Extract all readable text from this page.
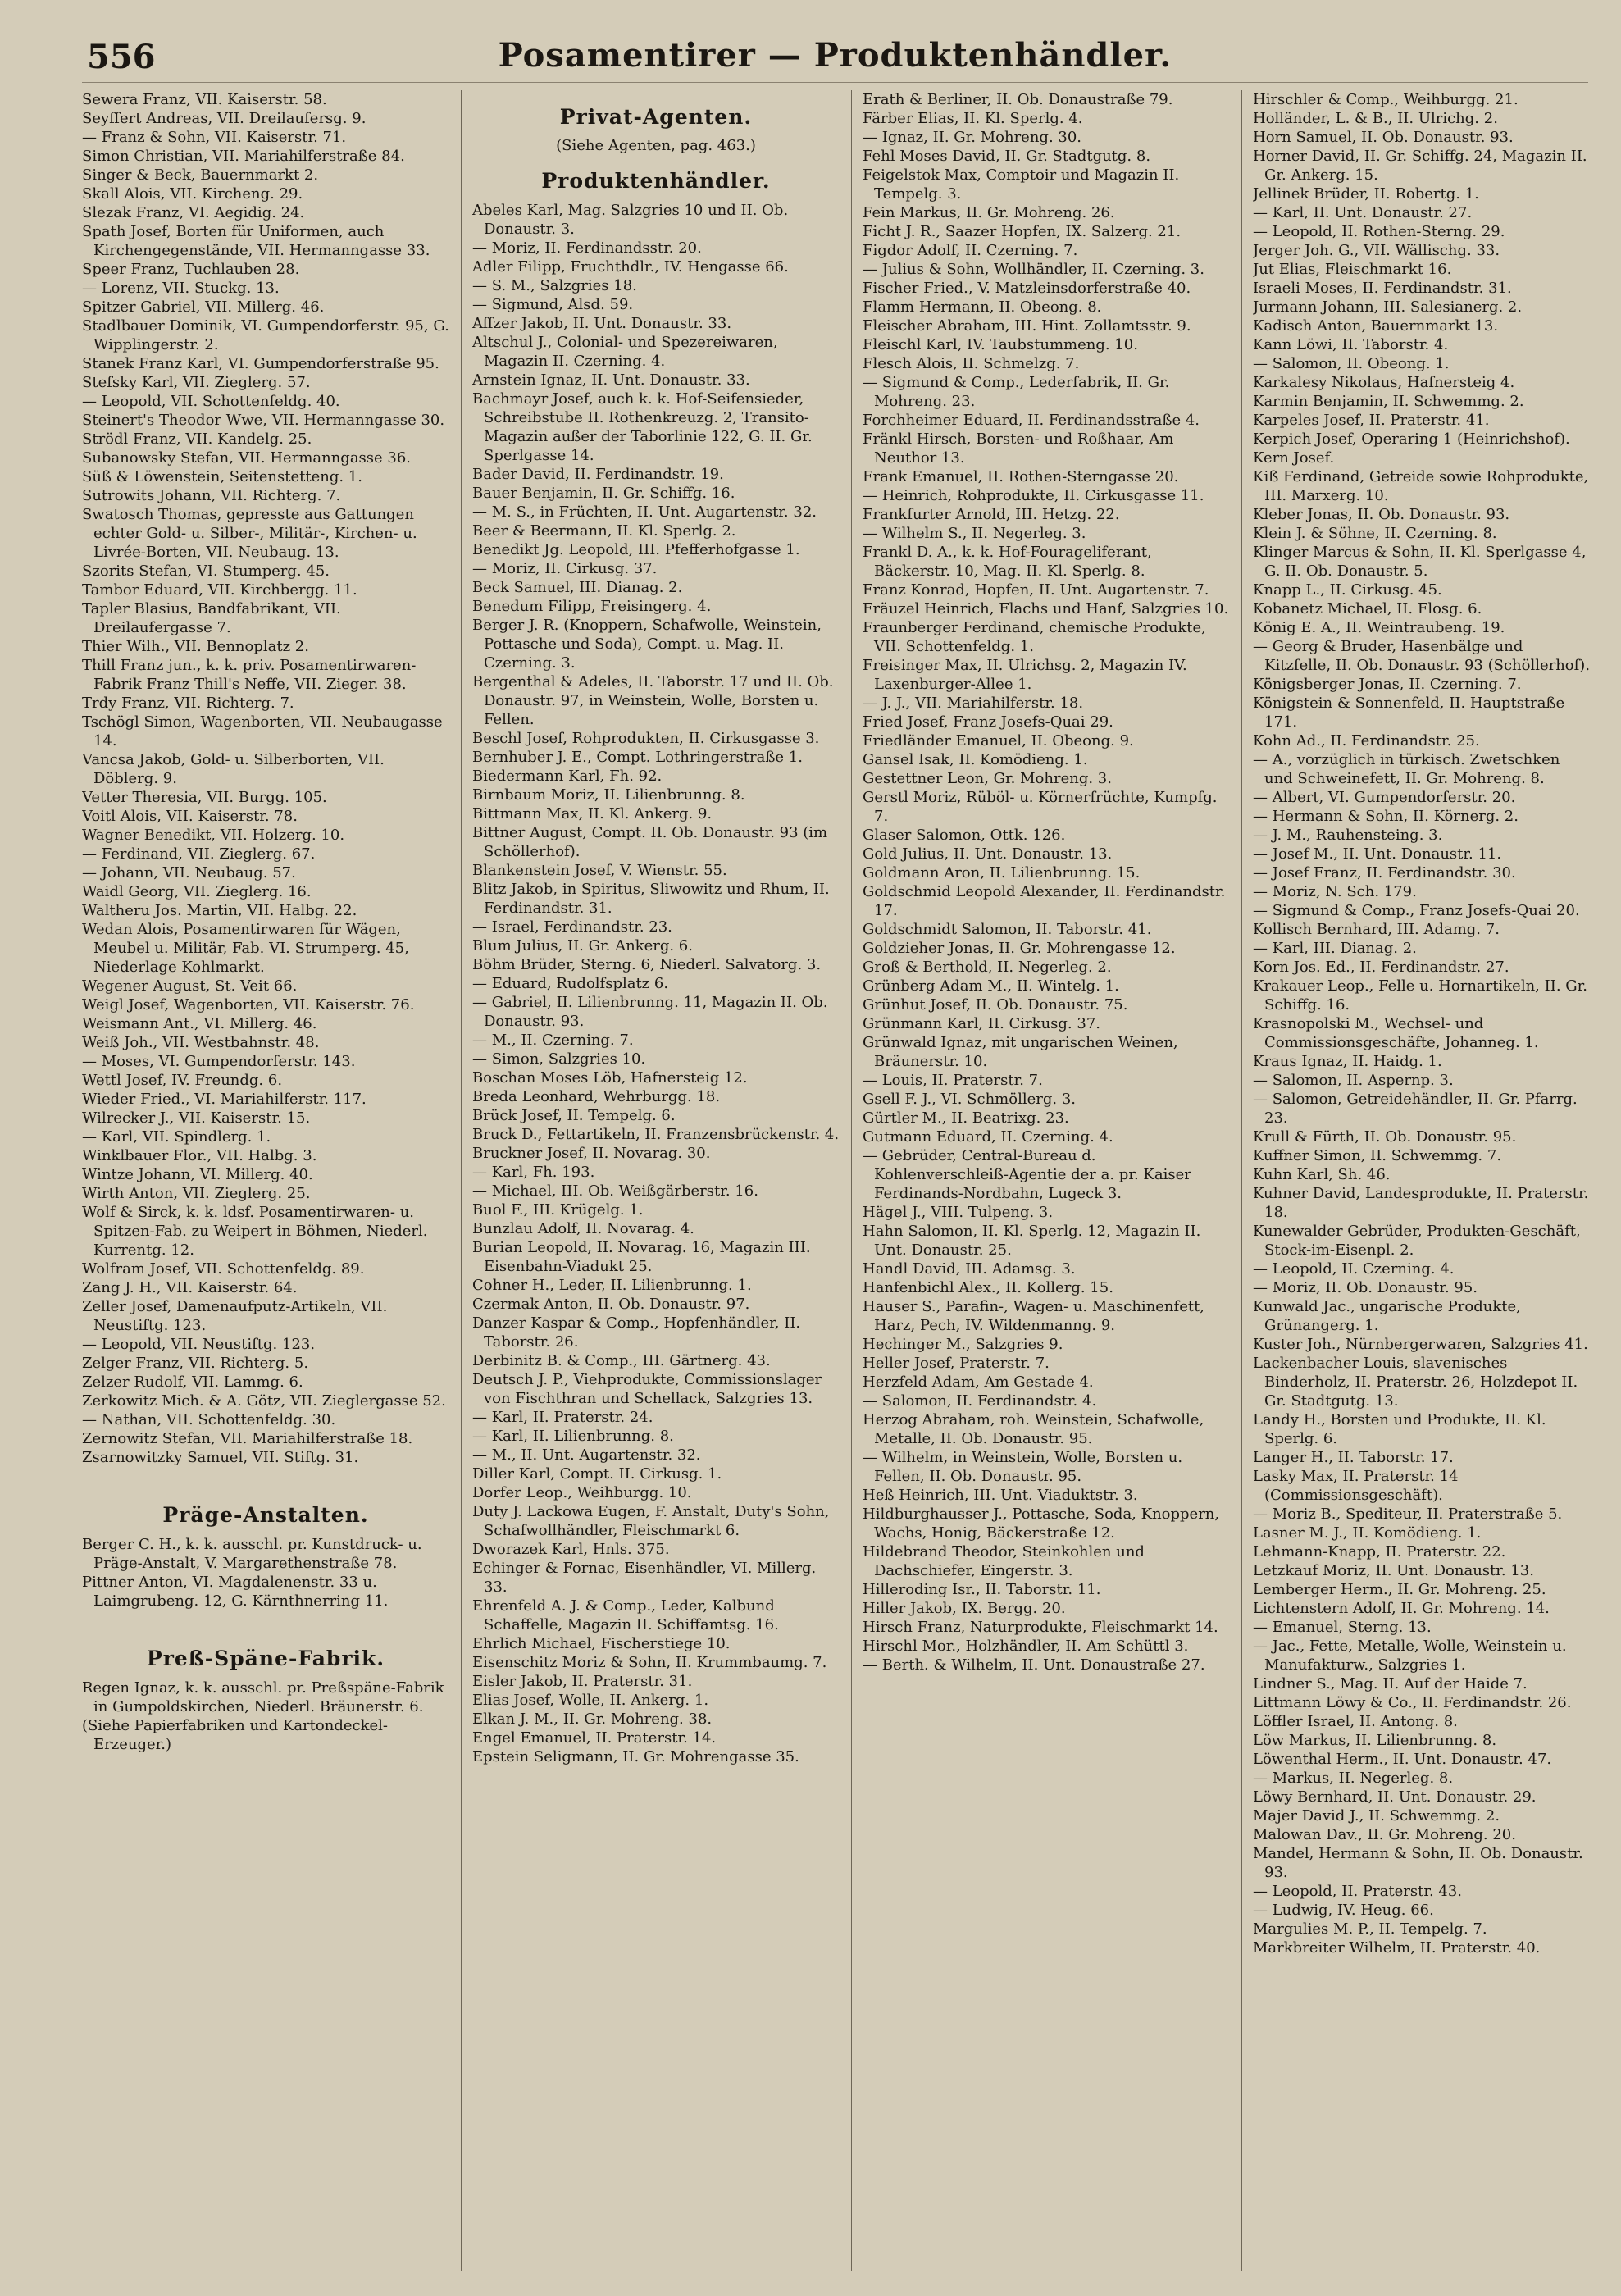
556	Posamentirer — Produktenhändler.

Sewera Franz, VII. Kaiserstr. 58.

Seyffert Andreas, VII. Dreilaufersg. 9.

— Franz & Sohn, VII. Kaiserstr. 71.

Simon Christian, VII. Mariahilferstraße 84.

Singer & Beck, Bauernmarkt 2.

Skall Alois, VII. Kircheng. 29.

Slezak Franz, VI. Aegidig. 24.

Spath Josef, Borten für Uniformen, auch Kirchengegenstände, VII. Hermanngasse 33.

Speer Franz, Tuchlauben 28.

— Lorenz, VII. Stuckg. 13.

Spitzer Gabriel, VII. Millerg. 46.

Stadlbauer Dominik, VI. Gumpendorferstr. 95, G. Wipplingerstr. 2.

Stanek Franz Karl, VI. Gumpendorferstraße 95.

Stefsky Karl, VII. Zieglerg. 57.

— Leopold, VII. Schottenfeldg. 40.

Steinert's Theodor Wwe, VII. Hermanngasse 30.

Strödl Franz, VII. Kandelg. 25.

Subanowsky Stefan, VII. Hermanngasse 36.

Süß & Löwenstein, Seitenstetteng. 1.

Sutrowits Johann, VII. Richterg. 7.

Swatosch Thomas, gepresste aus Gattungen echter Gold- u. Silber-, Militär-, Kirchen- u. Livrée-Borten, VII. Neubaug. 13.

Szorits Stefan, VI. Stumperg. 45.

Tambor Eduard, VII. Kirchbergg. 11.

Tapler Blasius, Bandfabrikant, VII. Dreilaufergasse 7.

Thier Wilh., VII. Bennoplatz 2.

Thill Franz jun., k. k. priv. Posamentirwaren-Fabrik Franz Thill's Neffe, VII. Zieger. 38.

Trdy Franz, VII. Richterg. 7.

Tschögl Simon, Wagenborten, VII. Neubaugasse 14.

Vancsa Jakob, Gold- u. Silberborten, VII. Döblerg. 9.

Vetter Theresia, VII. Burgg. 105.

Voitl Alois, VII. Kaiserstr. 78.

Wagner Benedikt, VII. Holzerg. 10.

— Ferdinand, VII. Zieglerg. 67.

— Johann, VII. Neubaug. 57.

Waidl Georg, VII. Zieglerg. 16.

Waltheru Jos. Martin, VII. Halbg. 22.

Wedan Alois, Posamentirwaren für Wägen, Meubel u. Militär, Fab. VI. Strumperg. 45, Niederlage Kohlmarkt.

Wegener August, St. Veit 66.

Weigl Josef, Wagenborten, VII. Kaiserstr. 76.

Weismann Ant., VI. Millerg. 46.

Weiß Joh., VII. Westbahnstr. 48.

— Moses, VI. Gumpendorferstr. 143.

Wettl Josef, IV. Freundg. 6.

Wieder Fried., VI. Mariahilferstr. 117.

Wilrecker J., VII. Kaiserstr. 15.

— Karl, VII. Spindlerg. 1.

Winklbauer Flor., VII. Halbg. 3.

Wintze Johann, VI. Millerg. 40.

Wirth Anton, VII. Zieglerg. 25.

Wolf & Sirck, k. k. ldsf. Posamentirwaren- u. Spitzen-Fab. zu Weipert in Böhmen, Niederl. Kurrentg. 12.

Wolfram Josef, VII. Schottenfeldg. 89.

Zang J. H., VII. Kaiserstr. 64.

Zeller Josef, Damenaufputz-Artikeln, VII. Neustiftg. 123.

— Leopold, VII. Neustiftg. 123.

Zelger Franz, VII. Richterg. 5.

Zelzer Rudolf, VII. Lammg. 6.

Zerkowitz Mich. & A. Götz, VII. Zieglergasse 52.

— Nathan, VII. Schottenfeldg. 30.

Zernowitz Stefan, VII. Mariahilferstraße 18.

Zsarnowitzky Samuel, VII. Stiftg. 31.

Präge-Anstalten.

Berger C. H., k. k. ausschl. pr. Kunstdruck- u. Präge-Anstalt, V. Margarethenstraße 78.

Pittner Anton, VI. Magdalenenstr. 33 u. Laimgrubeng. 12, G. Kärnthnerring 11.

Preß-Späne-Fabrik.

Regen Ignaz, k. k. ausschl. pr. Preßspäne-Fabrik in Gumpoldskirchen, Niederl. Bräunerstr. 6.

(Siehe Papierfabriken und Kartondeckel-Erzeuger.)

Privat-Agenten.
(Siehe Agenten, pag. 463.)
Produktenhändler.

Abeles Karl, Mag. Salzgries 10 und II. Ob. Donaustr. 3.

— Moriz, II. Ferdinandsstr. 20.

Adler Filipp, Fruchthdlr., IV. Hengasse 66.

— S. M., Salzgries 18.

— Sigmund, Alsd. 59.

Affzer Jakob, II. Unt. Donaustr. 33.

Altschul J., Colonial- und Spezereiwaren, Magazin II. Czerning. 4.

Arnstein Ignaz, II. Unt. Donaustr. 33.

Bachmayr Josef, auch k. k. Hof-Seifensieder, Schreibstube II. Rothenkreuzg. 2, Transito-Magazin außer der Taborlinie 122, G. II. Gr. Sperlgasse 14.

Bader David, II. Ferdinandstr. 19.

Bauer Benjamin, II. Gr. Schiffg. 16.

— M. S., in Früchten, II. Unt. Augartenstr. 32.

Beer & Beermann, II. Kl. Sperlg. 2.

Benedikt Jg. Leopold, III. Pfefferhofgasse 1.

— Moriz, II. Cirkusg. 37.

Beck Samuel, III. Dianag. 2.

Benedum Filipp, Freisingerg. 4.

Berger J. R. (Knoppern, Schafwolle, Weinstein, Pottasche und Soda), Compt. u. Mag. II. Czerning. 3.

Bergenthal & Adeles, II. Taborstr. 17 und II. Ob. Donaustr. 97, in Weinstein, Wolle, Borsten u. Fellen.

Beschl Josef, Rohprodukten, II. Cirkusgasse 3.

Bernhuber J. E., Compt. Lothringerstraße 1.

Biedermann Karl, Fh. 92.

Birnbaum Moriz, II. Lilienbrunng. 8.

Bittmann Max, II. Kl. Ankerg. 9.

Bittner August, Compt. II. Ob. Donaustr. 93 (im Schöllerhof).

Blankenstein Josef, V. Wienstr. 55.

Blitz Jakob, in Spiritus, Sliwowitz und Rhum, II. Ferdinandstr. 31.

— Israel, Ferdinandstr. 23.

Blum Julius, II. Gr. Ankerg. 6.

Böhm Brüder, Sterng. 6, Niederl. Salvatorg. 3.

— Eduard, Rudolfsplatz 6.

— Gabriel, II. Lilienbrunng. 11, Magazin II. Ob. Donaustr. 93.

— M., II. Czerning. 7.

— Simon, Salzgries 10.

Boschan Moses Löb, Hafnersteig 12.

Breda Leonhard, Wehrburgg. 18.

Brück Josef, II. Tempelg. 6.

Bruck D., Fettartikeln, II. Franzensbrückenstr. 4.

Bruckner Josef, II. Novarag. 30.

— Karl, Fh. 193.

— Michael, III. Ob. Weißgärberstr. 16.

Buol F., III. Krügelg. 1.

Bunzlau Adolf, II. Novarag. 4.

Burian Leopold, II. Novarag. 16, Magazin III. Eisenbahn-Viadukt 25.

Cohner H., Leder, II. Lilienbrunng. 1.

Czermak Anton, II. Ob. Donaustr. 97.

Danzer Kaspar & Comp., Hopfenhändler, II. Taborstr. 26.

Derbinitz B. & Comp., III. Gärtnerg. 43.

Deutsch J. P., Viehprodukte, Commissionslager von Fischthran und Schellack, Salzgries 13.

— Karl, II. Praterstr. 24.

— Karl, II. Lilienbrunng. 8.

— M., II. Unt. Augartenstr. 32.

Diller Karl, Compt. II. Cirkusg. 1.

Dorfer Leop., Weihburgg. 10.

Duty J. Lackowa Eugen, F. Anstalt, Duty's Sohn, Schafwollhändler, Fleischmarkt 6.

Dworazek Karl, Hnls. 375.

Echinger & Fornac, Eisenhändler, VI. Millerg. 33.

Ehrenfeld A. J. & Comp., Leder, Kalbund Schaffelle, Magazin II. Schiffamtsg. 16.

Ehrlich Michael, Fischerstiege 10.

Eisenschitz Moriz & Sohn, II. Krummbaumg. 7.

Eisler Jakob, II. Praterstr. 31.

Elias Josef, Wolle, II. Ankerg. 1.

Elkan J. M., II. Gr. Mohreng. 38.

Engel Emanuel, II. Praterstr. 14.

Epstein Seligmann, II. Gr. Mohrengasse 35.

Erath & Berliner, II. Ob. Donaustraße 79.

Färber Elias, II. Kl. Sperlg. 4.

— Ignaz, II. Gr. Mohreng. 30.

Fehl Moses David, II. Gr. Stadtgutg. 8.

Feigelstok Max, Comptoir und Magazin II. Tempelg. 3.

Fein Markus, II. Gr. Mohreng. 26.

Ficht J. R., Saazer Hopfen, IX. Salzerg. 21.

Figdor Adolf, II. Czerning. 7.

— Julius & Sohn, Wollhändler, II. Czerning. 3.

Fischer Fried., V. Matzleinsdorferstraße 40.

Flamm Hermann, II. Obeong. 8.

Fleischer Abraham, III. Hint. Zollamtsstr. 9.

Fleischl Karl, IV. Taubstummeng. 10.

Flesch Alois, II. Schmelzg. 7.

— Sigmund & Comp., Lederfabrik, II. Gr. Mohreng. 23.

Forchheimer Eduard, II. Ferdinandsstraße 4.

Fränkl Hirsch, Borsten- und Roßhaar, Am Neuthor 13.

Frank Emanuel, II. Rothen-Sterngasse 20.

— Heinrich, Rohprodukte, II. Cirkusgasse 11.

Frankfurter Arnold, III. Hetzg. 22.

— Wilhelm S., II. Negerleg. 3.

Frankl D. A., k. k. Hof-Fourageliferant, Bäckerstr. 10, Mag. II. Kl. Sperlg. 8.

Franz Konrad, Hopfen, II. Unt. Augartenstr. 7.

Fräuzel Heinrich, Flachs und Hanf, Salzgries 10.

Fraunberger Ferdinand, chemische Produkte, VII. Schottenfeldg. 1.

Freisinger Max, II. Ulrichsg. 2, Magazin IV. Laxenburger-Allee 1.

— J. J., VII. Mariahilferstr. 18.

Fried Josef, Franz Josefs-Quai 29.

Friedländer Emanuel, II. Obeong. 9.

Gansel Isak, II. Komödieng. 1.

Gestettner Leon, Gr. Mohreng. 3.

Gerstl Moriz, Rüböl- u. Körnerfrüchte, Kumpfg. 7.

Glaser Salomon, Ottk. 126.

Gold Julius, II. Unt. Donaustr. 13.

Goldmann Aron, II. Lilienbrunng. 15.

Goldschmid Leopold Alexander, II. Ferdinandstr. 17.

Goldschmidt Salomon, II. Taborstr. 41.

Goldzieher Jonas, II. Gr. Mohrengasse 12.

Groß & Berthold, II. Negerleg. 2.

Grünberg Adam M., II. Wintelg. 1.

Grünhut Josef, II. Ob. Donaustr. 75.

Grünmann Karl, II. Cirkusg. 37.

Grünwald Ignaz, mit ungarischen Weinen, Bräunerstr. 10.

— Louis, II. Praterstr. 7.

Gsell F. J., VI. Schmöllerg. 3.

Gürtler M., II. Beatrixg. 23.

Gutmann Eduard, II. Czerning. 4.

— Gebrüder, Central-Bureau d. Kohlenverschleiß-Agentie der a. pr. Kaiser Ferdinands-Nordbahn, Lugeck 3.

Hägel J., VIII. Tulpeng. 3.

Hahn Salomon, II. Kl. Sperlg. 12, Magazin II. Unt. Donaustr. 25.

Handl David, III. Adamsg. 3.

Hanfenbichl Alex., II. Kollerg. 15.

Hauser S., Parafin-, Wagen- u. Maschinenfett, Harz, Pech, IV. Wildenmanng. 9.

Hechinger M., Salzgries 9.

Heller Josef, Praterstr. 7.

Herzfeld Adam, Am Gestade 4.

— Salomon, II. Ferdinandstr. 4.

Herzog Abraham, roh. Weinstein, Schafwolle, Metalle, II. Ob. Donaustr. 95.

— Wilhelm, in Weinstein, Wolle, Borsten u. Fellen, II. Ob. Donaustr. 95.

Heß Heinrich, III. Unt. Viaduktstr. 3.

Hildburghausser J., Pottasche, Soda, Knoppern, Wachs, Honig, Bäckerstraße 12.

Hildebrand Theodor, Steinkohlen und Dachschiefer, Eingerstr. 3.

Hilleroding Isr., II. Taborstr. 11.

Hiller Jakob, IX. Bergg. 20.

Hirsch Franz, Naturprodukte, Fleischmarkt 14.

Hirschl Mor., Holzhändler, II. Am Schüttl 3.

— Berth. & Wilhelm, II. Unt. Donaustraße 27.

Hirschler & Comp., Weihburgg. 21.

Holländer, L. & B., II. Ulrichg. 2.

Horn Samuel, II. Ob. Donaustr. 93.

Horner David, II. Gr. Schiffg. 24, Magazin II. Gr. Ankerg. 15.

Jellinek Brüder, II. Robertg. 1.

— Karl, II. Unt. Donaustr. 27.

— Leopold, II. Rothen-Sterng. 29.

Jerger Joh. G., VII. Wällischg. 33.

Jut Elias, Fleischmarkt 16.

Israeli Moses, II. Ferdinandstr. 31.

Jurmann Johann, III. Salesianerg. 2.

Kadisch Anton, Bauernmarkt 13.

Kann Löwi, II. Taborstr. 4.

— Salomon, II. Obeong. 1.

Karkalesy Nikolaus, Hafnersteig 4.

Karmin Benjamin, II. Schwemmg. 2.

Karpeles Josef, II. Praterstr. 41.

Kerpich Josef, Operaring 1 (Heinrichshof).

Kern Josef.

Kiß Ferdinand, Getreide sowie Rohprodukte, III. Marxerg. 10.

Kleber Jonas, II. Ob. Donaustr. 93.

Klein J. & Söhne, II. Czerning. 8.

Klinger Marcus & Sohn, II. Kl. Sperlgasse 4, G. II. Ob. Donaustr. 5.

Knapp L., II. Cirkusg. 45.

Kobanetz Michael, II. Flosg. 6.

König E. A., II. Weintraubeng. 19.

— Georg & Bruder, Hasenbälge und Kitzfelle, II. Ob. Donaustr. 93 (Schöllerhof).

Königsberger Jonas, II. Czerning. 7.

Königstein & Sonnenfeld, II. Hauptstraße 171.

Kohn Ad., II. Ferdinandstr. 25.

— A., vorzüglich in türkisch. Zwetschken und Schweinefett, II. Gr. Mohreng. 8.

— Albert, VI. Gumpendorferstr. 20.

— Hermann & Sohn, II. Körnerg. 2.

— J. M., Rauhensteing. 3.

— Josef M., II. Unt. Donaustr. 11.

— Josef Franz, II. Ferdinandstr. 30.

— Moriz, N. Sch. 179.

— Sigmund & Comp., Franz Josefs-Quai 20.

Kollisch Bernhard, III. Adamg. 7.

— Karl, III. Dianag. 2.

Korn Jos. Ed., II. Ferdinandstr. 27.

Krakauer Leop., Felle u. Hornartikeln, II. Gr. Schiffg. 16.

Krasnopolski M., Wechsel- und Commissionsgeschäfte, Johanneg. 1.

Kraus Ignaz, II. Haidg. 1.

— Salomon, II. Aspernp. 3.

— Salomon, Getreidehändler, II. Gr. Pfarrg. 23.

Krull & Fürth, II. Ob. Donaustr. 95.

Kuffner Simon, II. Schwemmg. 7.

Kuhn Karl, Sh. 46.

Kuhner David, Landesprodukte, II. Praterstr. 18.

Kunewalder Gebrüder, Produkten-Geschäft, Stock-im-Eisenpl. 2.

— Leopold, II. Czerning. 4.

— Moriz, II. Ob. Donaustr. 95.

Kunwald Jac., ungarische Produkte, Grünangerg. 1.

Kuster Joh., Nürnbergerwaren, Salzgries 41.

Lackenbacher Louis, slavenisches Binderholz, II. Praterstr. 26, Holzdepot II. Gr. Stadtgutg. 13.

Landy H., Borsten und Produkte, II. Kl. Sperlg. 6.

Langer H., II. Taborstr. 17.

Lasky Max, II. Praterstr. 14 (Commissionsgeschäft).

— Moriz B., Spediteur, II. Praterstraße 5.

Lasner M. J., II. Komödieng. 1.

Lehmann-Knapp, II. Praterstr. 22.

Letzkauf Moriz, II. Unt. Donaustr. 13.

Lemberger Herm., II. Gr. Mohreng. 25.

Lichtenstern Adolf, II. Gr. Mohreng. 14.

— Emanuel, Sterng. 13.

— Jac., Fette, Metalle, Wolle, Weinstein u. Manufakturw., Salzgries 1.

Lindner S., Mag. II. Auf der Haide 7.

Littmann Löwy & Co., II. Ferdinandstr. 26.

Löffler Israel, II. Antong. 8.

Löw Markus, II. Lilienbrunng. 8.

Löwenthal Herm., II. Unt. Donaustr. 47.

— Markus, II. Negerleg. 8.

Löwy Bernhard, II. Unt. Donaustr. 29.

Majer David J., II. Schwemmg. 2.

Malowan Dav., II. Gr. Mohreng. 20.

Mandel, Hermann & Sohn, II. Ob. Donaustr. 93.

— Leopold, II. Praterstr. 43.

— Ludwig, IV. Heug. 66.

Margulies M. P., II. Tempelg. 7.

Markbreiter Wilhelm, II. Praterstr. 40.
